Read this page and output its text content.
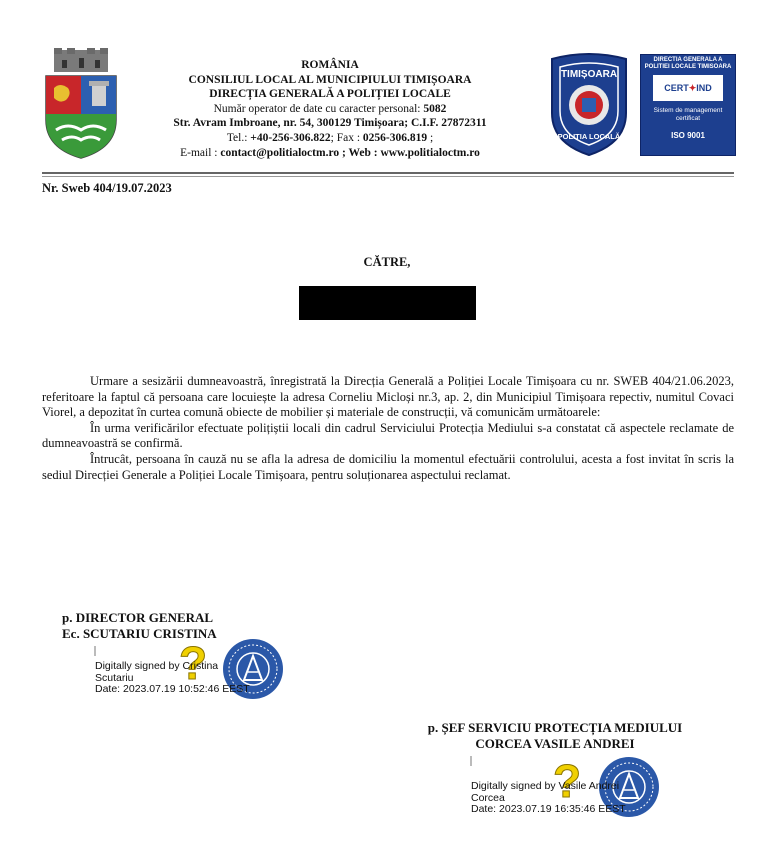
ROMÂNIA
CONSILIUL LOCAL AL MUNICIPIULUI TIMIȘOARA
DIRECȚIA GENERALĂ A POLIȚIEI LOCALE
Număr operator de date cu caracter personal: 5082
Str. Avram Imbroane, nr. 54, 300129 Timișoara; C.I.F. 27872311
Tel.: +40-256-306.822; Fax : 0256-306.819 ;
E-mail : contact@politialoctm.ro ; Web : www.politialoctm.ro
TIMIȘOARA
POLIȚIA LOCALĂ
DIRECTIA GENERALA A POLITIEI LOCALE TIMISOARA
CERT ✦ IND
Sistem de management certificat
ISO 9001
Nr. Sweb 404/19.07.2023
CĂTRE,

Urmare a sesizării dumneavoastră, înregistrată la Direcția Generală a Poliției Locale Timișoara cu nr. SWEB 404/21.06.2023, referitoare la faptul că persoana care locuiește la adresa Corneliu Micloși nr.3, ap. 2, din Municipiul Timișoara repectiv, numitul Covaci Viorel, a depozitat în curtea comună obiecte de mobilier și materiale de construcții, vă comunicăm următoarele:

În urma verificărilor efectuate polițiștii locali din cadrul Serviciului Protecția Mediului s-a constatat că aspectele reclamate de dumneavoastră se confirmă.

Întrucât, persoana în cauză nu se afla la adresa de domiciliu la momentul efectuării controlului, acesta a fost invitat în scris la sediul Direcției Generale a Poliției Locale Timișoara, pentru soluționarea aspectului reclamat.

p. DIRECTOR GENERAL
Ec. SCUTARIU CRISTINA
?
Digitally signed by Cristina
Scutariu
Date: 2023.07.19 10:52:46 EEST
p. ȘEF SERVICIU PROTECȚIA MEDIULUI
CORCEA VASILE ANDREI
?
Digitally signed by Vasile Andrei
Corcea
Date: 2023.07.19 16:35:46 EEST
